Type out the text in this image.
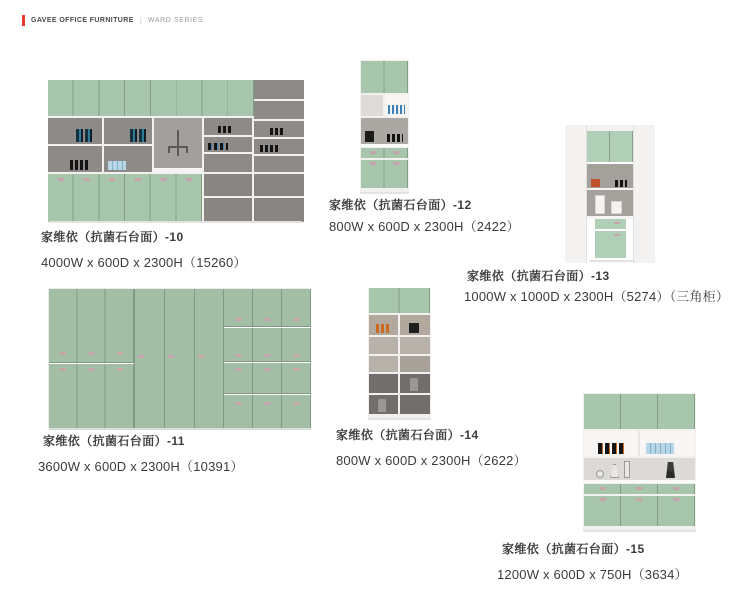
GAVEE OFFICE FURNITURE | WARD SERIES
家维依（抗菌石台面）-10
4000W x 600D x 2300H（15260）
家维依（抗菌石台面）-12
800W x 600D x 2300H（2422）
家维依（抗菌石台面）-13
1000W x 1000D x 2300H（5274）（三角柜）
家维依（抗菌石台面）-11
3600W x 600D x 2300H（10391）
家维依（抗菌石台面）-14
800W x 600D x 2300H（2622）
家维依（抗菌石台面）-15
1200W x 600D x 750H（3634）
